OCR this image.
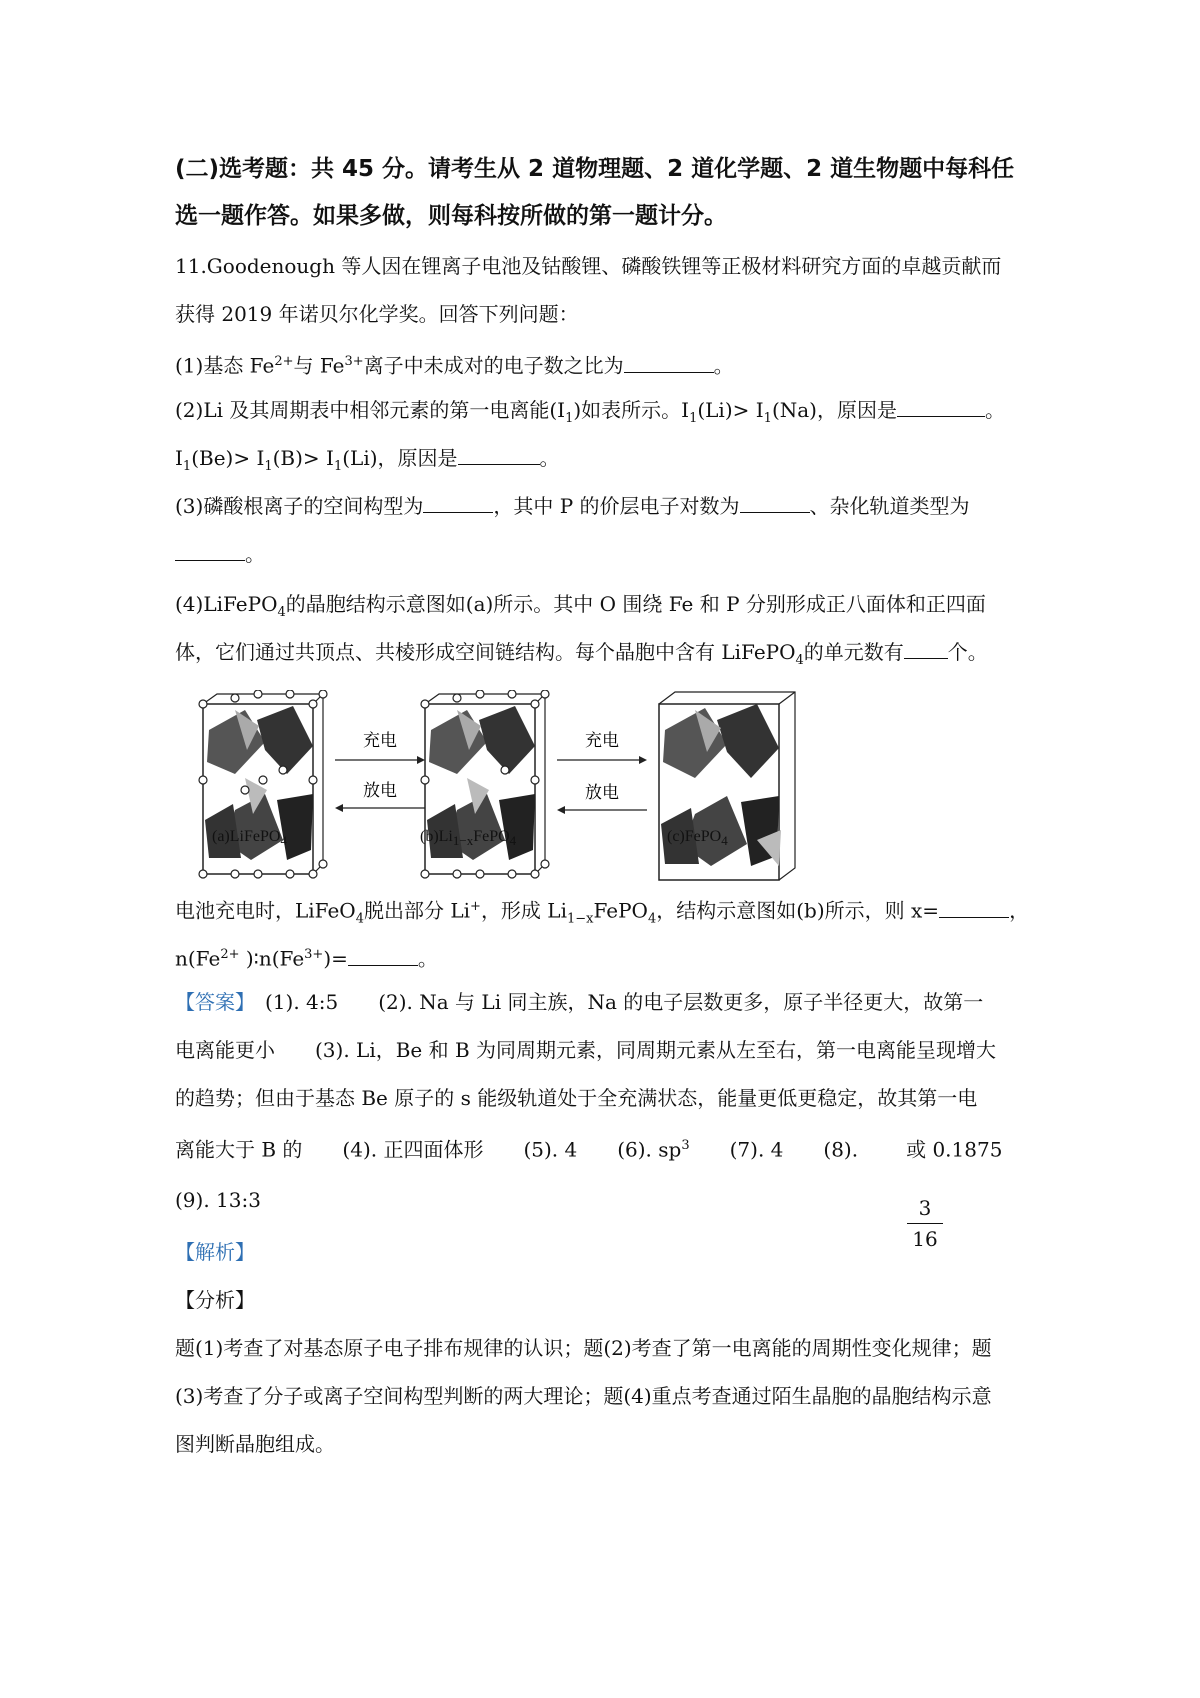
(二)选考题：共 45 分。请考生从 2 道物理题、2 道化学题、2 道生物题中每科任
选一题作答。如果多做，则每科按所做的第一题计分。
11.Goodenough 等人因在锂离子电池及钴酸锂、磷酸铁锂等正极材料研究方面的卓越贡献而
获得 2019 年诺贝尔化学奖。回答下列问题：
(1)基态 $Fe^{2+}$与 $Fe^{3+}$离子中未成对的电子数之比为	。
(2)Li 及其周期表中相邻元素的第一电离能$(I_1)$如表所示。$I_1(Li)> I_1(Na)$，原因是	。
$I_1(Be)> I_1(B)> I_1(Li)$，原因是	。
(3)磷酸根离子的空间构型为	，其中 P 的价层电子对数为	、杂化轨道类型为
。
(4)LiFePO$_4$的晶胞结构示意图如(a)所示。其中 O 围绕 Fe 和 P 分别形成正八面体和正四面
体，它们通过共顶点、共棱形成空间链结构。每个晶胞中含有 LiFePO$_4$的单元数有 个。
充电
放电
充电
放电
(a)LiFePO$_4$	$(b)Li_{1-x}FePO_4$	(c)FePO$_4$
电池充电时，LiFeO$_4$脱出部分 Li+，形成 $Li_{1-x}FePO_4$，结构示意图如(b)所示，则 x=	，
$n(Fe^{2+}$ )$∶n(Fe^{3+})=$	。
【答案】　 (1). 4:5　　(2). Na 与 Li 同主族，Na 的电子层数更多，原子半径更大，故第一
电离能更小　　(3). Li，Be 和 B 为同周期元素，同周期元素从左至右，第一电离能呈现增大
的趋势；但由于基态 Be 原子的 s 能级轨道处于全充满状态，能量更低更稳定，故其第一电
离能大于 B 的　　(4). 正四面体形　　(5). 4　　(6). $sp^3$　　(7). 4　　(8). 或 0.1875
3
16
(9). 13:3
【解析】
【分析】
题(1)考查了对基态原子电子排布规律的认识；题(2)考查了第一电离能的周期性变化规律；题
(3)考查了分子或离子空间构型判断的两大理论；题(4)重点考查通过陌生晶胞的晶胞结构示意
图判断晶胞组成。
